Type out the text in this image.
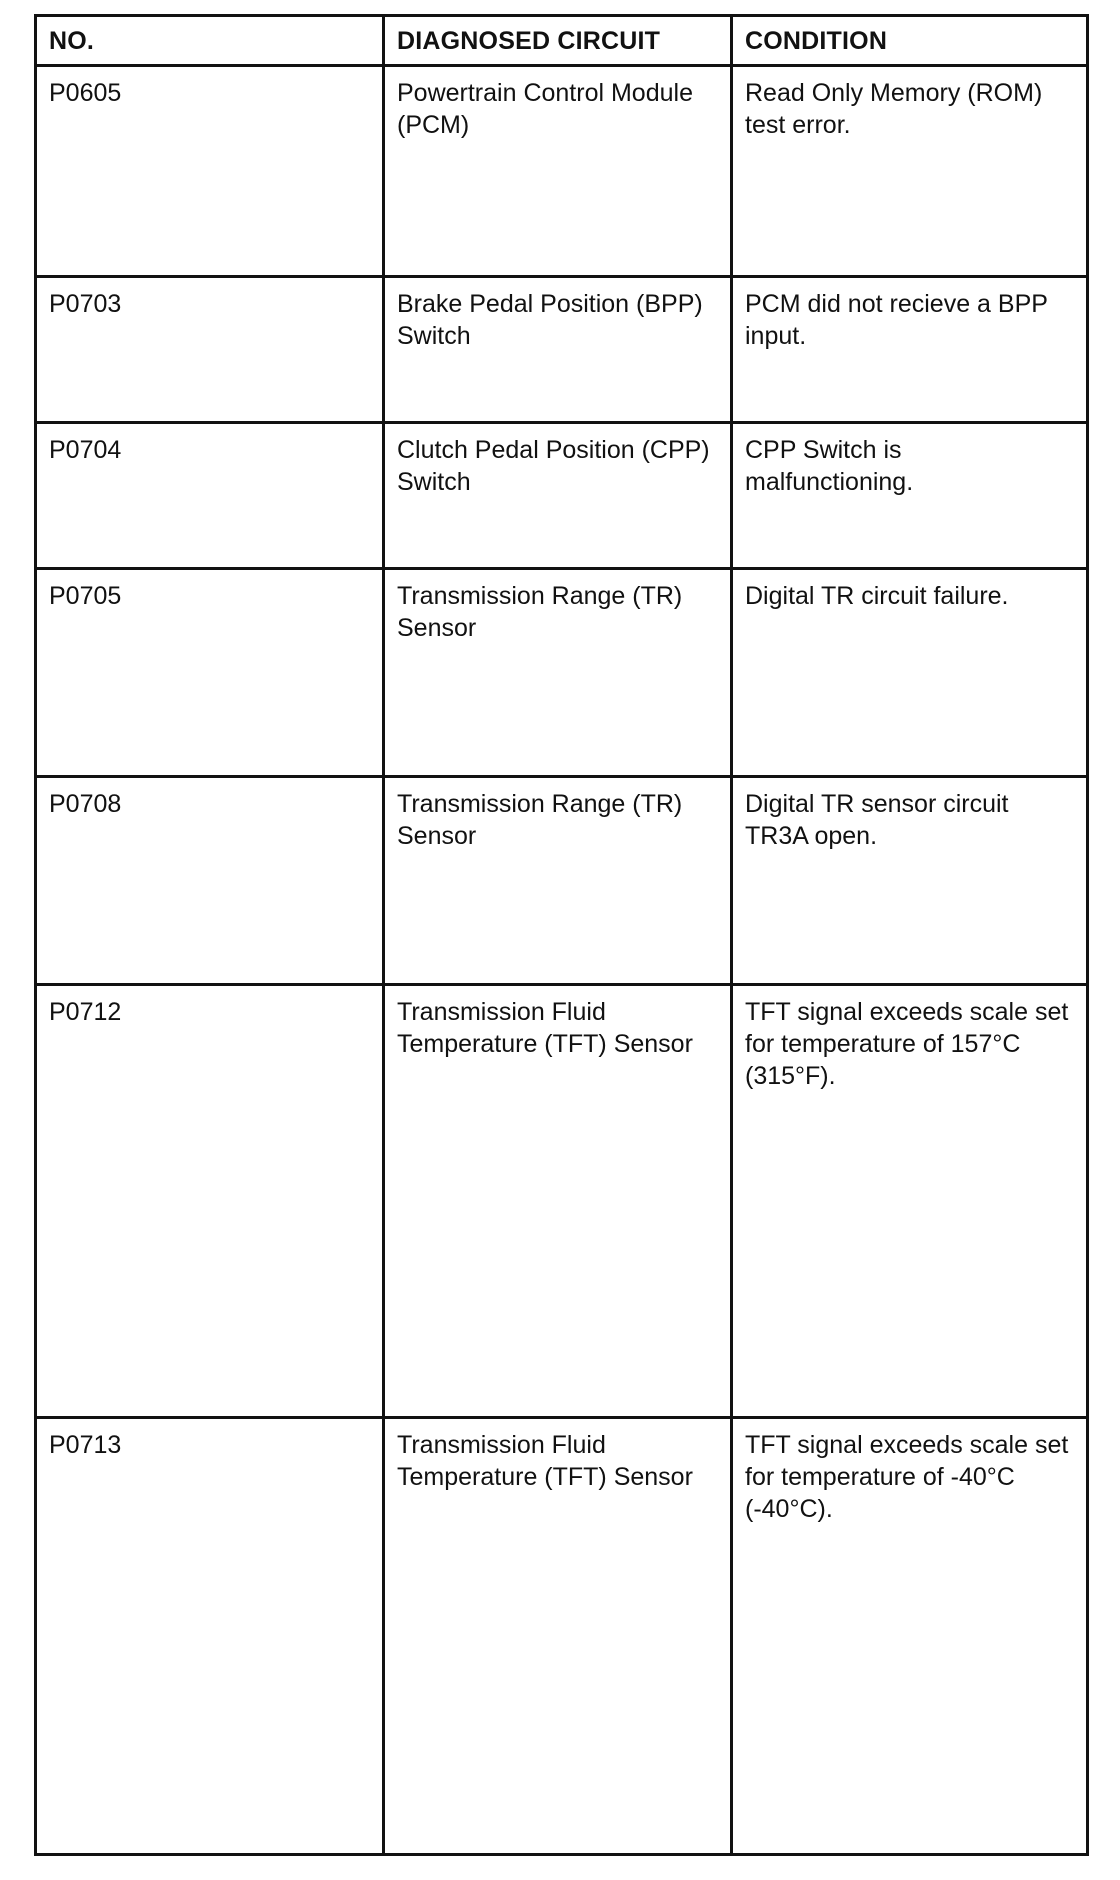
NO.	DIAGNOSED CIRCUIT	CONDITION
P0605	Powertrain Control Module (PCM)	Read Only Memory (ROM) test error.
P0703	Brake Pedal Position (BPP) Switch	PCM did not recieve a BPP input.
P0704	Clutch Pedal Position (CPP) Switch	CPP Switch is malfunctioning.
P0705	Transmission Range (TR) Sensor	Digital TR circuit failure.
P0708	Transmission Range (TR) Sensor	Digital TR sensor circuit TR3A open.
P0712	Transmission Fluid Temperature (TFT) Sensor	TFT signal exceeds scale set for temperature of 157°C (315°F).
P0713	Transmission Fluid Temperature (TFT) Sensor	TFT signal exceeds scale set for temperature of -40°C (-40°C).
